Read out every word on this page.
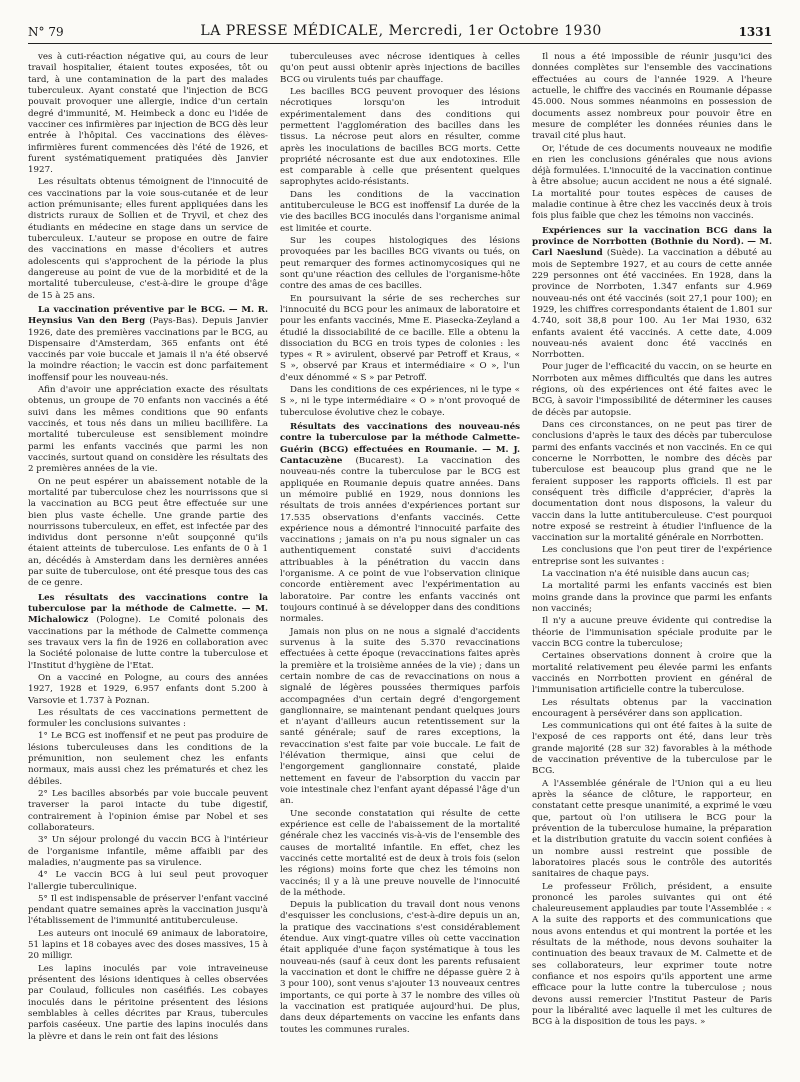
N° 79	LA PRESSE MÉDICALE, Mercredi, 1er Octobre 1930	1331

ves à cuti-réaction négative qui, au cours de leur travail hospitalier, étaient toutes exposées, tôt ou tard, à une contamination de la part des malades tuberculeux. Ayant constaté que l'injection de BCG pouvait provoquer une allergie, indice d'un certain degré d'immunité, M. Heimbeck a donc eu l'idée de vacciner ces infirmières par injection de BCG dès leur entrée à l'hôpital. Ces vaccinations des élèves-infirmières furent commencées dès l'été de 1926, et furent systématiquement pratiquées dès Janvier 1927.

Les résultats obtenus témoignent de l'innocuité de ces vaccinations par la voie sous-cutanée et de leur action prémunisante; elles furent appliquées dans les districts ruraux de Sollien et de Tryvil, et chez des étudiants en médecine en stage dans un service de tuberculeux. L'auteur se propose en outre de faire des vaccinations en masse d'écoliers et autres adolescents qui s'approchent de la période la plus dangereuse au point de vue de la morbidité et de la mortalité tuberculeuse, c'est-à-dire le groupe d'âge de 15 à 25 ans.

La vaccination préventive par le BCG. — M. R. Heynsius Van den Berg (Pays-Bas). Depuis Janvier 1926, date des premières vaccinations par le BCG, au Dispensaire d'Amsterdam, 365 enfants ont été vaccinés par voie buccale et jamais il n'a été observé la moindre réaction; le vaccin est donc parfaitement inoffensif pour les nouveau-nés.

Afin d'avoir une appréciation exacte des résultats obtenus, un groupe de 70 enfants non vaccinés a été suivi dans les mêmes conditions que 90 enfants vaccinés, et tous nés dans un milieu bacillifère. La mortalité tuberculeuse est sensiblement moindre parmi les enfants vaccinés que parmi les non vaccinés, surtout quand on considère les résultats des 2 premières années de la vie.

On ne peut espérer un abaissement notable de la mortalité par tuberculose chez les nourrissons que si la vaccination au BCG peut être effectuée sur une bien plus vaste échelle. Une grande partie des nourrissons tuberculeux, en effet, est infectée par des individus dont personne n'eût soupçonné qu'ils étaient atteints de tuberculose. Les enfants de 0 à 1 an, décédés à Amsterdam dans les dernières années par suite de tuberculose, ont été presque tous des cas de ce genre.

Les résultats des vaccinations contre la tuberculose par la méthode de Calmette. — M. Michalowicz (Pologne). Le Comité polonais des vaccinations par la méthode de Calmette commença ses travaux vers la fin de 1926 en collaboration avec la Société polonaise de lutte contre la tuberculose et l'Institut d'hygiène de l'Etat.

On a vacciné en Pologne, au cours des années 1927, 1928 et 1929, 6.957 enfants dont 5.200 à Varsovie et 1.737 à Poznan.

Les résultats de ces vaccinations permettent de formuler les conclusions suivantes :

1° Le BCG est inoffensif et ne peut pas produire de lésions tuberculeuses dans les conditions de la prémunition, non seulement chez les enfants normaux, mais aussi chez les prématurés et chez les débiles.

2° Les bacilles absorbés par voie buccale peuvent traverser la paroi intacte du tube digestif, contrairement à l'opinion émise par Nobel et ses collaborateurs.

3° Un séjour prolongé du vaccin BCG à l'intérieur de l'organisme infantile, même affaibli par des maladies, n'augmente pas sa virulence.

4° Le vaccin BCG à lui seul peut provoquer l'allergie tuberculinique.

5° Il est indispensable de préserver l'enfant vacciné pendant quatre semaines après la vaccination jusqu'à l'établissement de l'immunité antituberculeuse.

Les auteurs ont inoculé 69 animaux de laboratoire, 51 lapins et 18 cobayes avec des doses massives, 15 à 20 milligr.

Les lapins inoculés par voie intraveineuse présentent des lésions identiques à celles observées par Coulaud, follicules non caséifiés. Les cobayes inoculés dans le péritoine présentent des lésions semblables à celles décrites par Kraus, tubercules parfois caséeux. Une partie des lapins inoculés dans la plèvre et dans le rein ont fait des lésions

tuberculeuses avec nécrose identiques à celles qu'on peut aussi obtenir après injections de bacilles BCG ou virulents tués par chauffage.

Les bacilles BCG peuvent provoquer des lésions nécrotiques lorsqu'on les introduit expérimentalement dans des conditions qui permettent l'agglomération des bacilles dans les tissus. La nécrose peut alors en résulter, comme après les inoculations de bacilles BCG morts. Cette propriété nécrosante est due aux endotoxines. Elle est comparable à celle que présentent quelques saprophytes acido-résistants.

Dans les conditions de la vaccination antituberculeuse le BCG est inoffensif La durée de la vie des bacilles BCG inoculés dans l'organisme animal est limitée et courte.

Sur les coupes histologiques des lésions provoquées par les bacilles BCG vivants ou tués, on peut remarquer des formes actinomycosiques qui ne sont qu'une réaction des cellules de l'organisme-hôte contre des amas de ces bacilles.

En poursuivant la série de ses recherches sur l'innocuité du BCG pour les animaux de laboratoire et pour les enfants vaccinés, Mme E. Piasecka-Zeyland a étudié la dissociabilité de ce bacille. Elle a obtenu la dissociation du BCG en trois types de colonies : les types « R » avirulent, observé par Petroff et Kraus, « S », observé par Kraus et intermédiaire « O », l'un d'eux dénommé « S » par Petroff.

Dans les conditions de ces expériences, ni le type « S », ni le type intermédiaire « O » n'ont provoqué de tuberculose évolutive chez le cobaye.

Résultats des vaccinations des nouveau-nés contre la tuberculose par la méthode Calmette-Guérin (BCG) effectuées en Roumanie. — M. J. Cantacuzène (Bucarest). La vaccination des nouveau-nés contre la tuberculose par le BCG est appliquée en Roumanie depuis quatre années. Dans un mémoire publié en 1929, nous donnions les résultats de trois années d'expériences portant sur 17.535 observations d'enfants vaccinés. Cette expérience nous a démontré l'innocuité parfaite des vaccinations ; jamais on n'a pu nous signaler un cas authentiquement constaté suivi d'accidents attribuables à la pénétration du vaccin dans l'organisme. A ce point de vue l'observation clinique concorde entièrement avec l'expérimentation au laboratoire. Par contre les enfants vaccinés ont toujours continué à se développer dans des conditions normales.

Jamais non plus on ne nous a signalé d'accidents survenus à la suite des 5.370 revaccinations effectuées à cette époque (revaccinations faites après la première et la troisième années de la vie) ; dans un certain nombre de cas de revaccinations on nous a signalé de légères poussées thermiques parfois accompagnées d'un certain degré d'engorgement ganglionnaire, se maintenant pendant quelques jours et n'ayant d'ailleurs aucun retentissement sur la santé générale; sauf de rares exceptions, la revaccination s'est faite par voie buccale. Le fait de l'élévation thermique, ainsi que celui de l'engorgement ganglionnaire constaté, plaide nettement en faveur de l'absorption du vaccin par voie intestinale chez l'enfant ayant dépassé l'âge d'un an.

Une seconde constatation qui résulte de cette expérience est celle de l'abaissement de la mortalité générale chez les vaccinés vis-à-vis de l'ensemble des causes de mortalité infantile. En effet, chez les vaccinés cette mortalité est de deux à trois fois (selon les régions) moins forte que chez les témoins non vaccinés; il y a là une preuve nouvelle de l'innocuité de la méthode.

Depuis la publication du travail dont nous venons d'esquisser les conclusions, c'est-à-dire depuis un an, la pratique des vaccinations s'est considérablement étendue. Aux vingt-quatre villes où cette vaccination était appliquée d'une façon systématique à tous les nouveau-nés (sauf à ceux dont les parents refusaient la vaccination et dont le chiffre ne dépasse guère 2 à 3 pour 100), sont venus s'ajouter 13 nouveaux centres importants, ce qui porte à 37 le nombre des villes où la vaccination est pratiquée aujourd'hui. De plus, dans deux départements on vaccine les enfants dans toutes les communes rurales.

Il nous a été impossible de réunir jusqu'ici des données complètes sur l'ensemble des vaccinations effectuées au cours de l'année 1929. A l'heure actuelle, le chiffre des vaccinés en Roumanie dépasse 45.000. Nous sommes néanmoins en possession de documents assez nombreux pour pouvoir être en mesure de compléter les données réunies dans le travail cité plus haut.

Or, l'étude de ces documents nouveaux ne modifie en rien les conclusions générales que nous avions déjà formulées. L'innocuité de la vaccination continue à être absolue; aucun accident ne nous a été signalé. La mortalité pour toutes espèces de causes de maladie continue à être chez les vaccinés deux à trois fois plus faible que chez les témoins non vaccinés.

Expériences sur la vaccination BCG dans la province de Norrbotten (Bothnie du Nord). — M. Carl Naeslund (Suède). La vaccination a débuté au mois de Septembre 1927, et au cours de cette année 229 personnes ont été vaccinées. En 1928, dans la province de Norrboten, 1.347 enfants sur 4.969 nouveau-nés ont été vaccinés (soit 27,1 pour 100); en 1929, les chiffres correspondants étaient de 1.801 sur 4.740, soit 38,8 pour 100. Au 1er Mai 1930, 632 enfants avaient été vaccinés. A cette date, 4.009 nouveau-nés avaient donc été vaccinés en Norrbotten.

Pour juger de l'efficacité du vaccin, on se heurte en Norrboten aux mêmes difficultés que dans les autres régions, où des expériences ont été faites avec le BCG, à savoir l'impossibilité de déterminer les causes de décès par autopsie.

Dans ces circonstances, on ne peut pas tirer de conclusions d'après le taux des décès par tuberculose parmi des enfants vaccinés et non vaccinés. En ce qui concerne le Norrbotten, le nombre des décès par tuberculose est beaucoup plus grand que ne le feraient supposer les rapports officiels. Il est par conséquent très difficile d'apprécier, d'après la documentation dont nous disposons, la valeur du vaccin dans la lutte antituberculeuse. C'est pourquoi notre exposé se restreint à étudier l'influence de la vaccination sur la mortalité générale en Norrbotten.

Les conclusions que l'on peut tirer de l'expérience entreprise sont les suivantes :

La vaccination n'a été nuisible dans aucun cas;

La mortalité parmi les enfants vaccinés est bien moins grande dans la province que parmi les enfants non vaccinés;

Il n'y a aucune preuve évidente qui contredise la théorie de l'immunisation spéciale produite par le vaccin BCG contre la tuberculose;

Certaines observations donnent à croire que la mortalité relativement peu élevée parmi les enfants vaccinés en Norrbotten provient en général de l'immunisation artificielle contre la tuberculose.

Les résultats obtenus par la vaccination encouragent à persévérer dans son application.

Les communications qui ont été faites à la suite de l'exposé de ces rapports ont été, dans leur très grande majorité (28 sur 32) favorables à la méthode de vaccination préventive de la tuberculose par le BCG.

A l'Assemblée générale de l'Union qui a eu lieu après la séance de clôture, le rapporteur, en constatant cette presque unanimité, a exprimé le vœu que, partout où l'on utilisera le BCG pour la prévention de la tuberculose humaine, la préparation et la distribution gratuite du vaccin soient confiées à un nombre aussi restreint que possible de laboratoires placés sous le contrôle des autorités sanitaires de chaque pays.

Le professeur Frölich, président, a ensuite prononcé les paroles suivantes qui ont été chaleureusement applaudies par toute l'Assemblée : « A la suite des rapports et des communications que nous avons entendus et qui montrent la portée et les résultats de la méthode, nous devons souhaiter la continuation des beaux travaux de M. Calmette et de ses collaborateurs, leur exprimer toute notre confiance et nos espoirs qu'ils apportent une arme efficace pour la lutte contre la tuberculose ; nous devons aussi remercier l'Institut Pasteur de Paris pour la libéralité avec laquelle il met les cultures de BCG à la disposition de tous les pays. »
